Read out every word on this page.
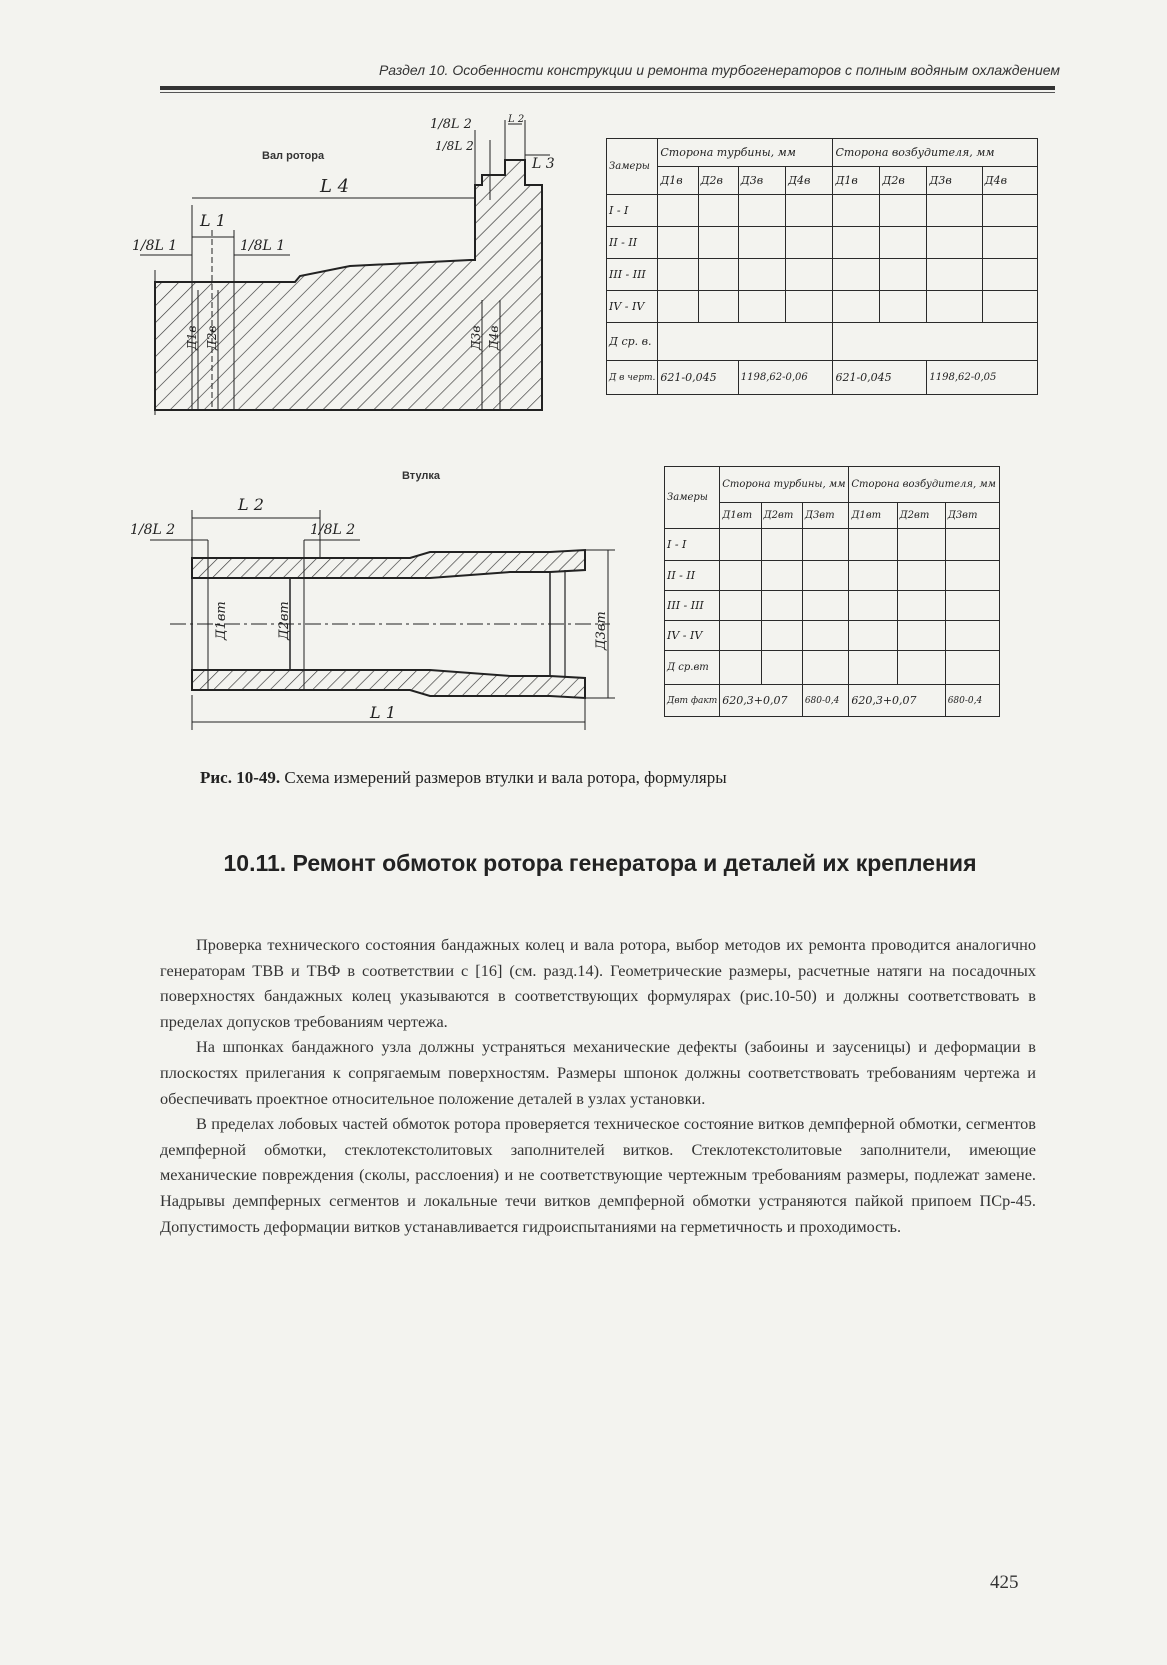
Раздел 10. Особенности конструкции и ремонта турбогенераторов с полным водяным охлаждением
Вал ротора
L 4
L 1
1/8L 1	1/8L 1
1/8L 2
1/8L 2
L 2
L 3
Д1в Д2в	Д3в Д4в
Замеры	Сторона турбины, мм				Сторона возбудителя, мм			
	Д1в	Д2в	Д3в	Д4в	Д1в	Д2в	Д3в	Д4в
I - I								
II - II								
III - III								
IV - IV								
Д ср. в.								
Д в черт.	621-0,045		1198,62-0,06		621-0,045		1198,62-0,05	
Втулка
L 2
1/8L 2	1/8L 2
L 1
Д1вт	Д2вт	Д3вт
Замеры	Сторона турбины, мм			Сторона возбудителя, мм		
	Д1вт	Д2вт	Д3вт	Д1вт	Д2вт	Д3вт
I - I						
II - II						
III - III						
IV - IV						
Д ср.вт						
Двт факт	620,3+0,07		680-0,4	620,3+0,07		680-0,4
Рис. 10-49. Схема измерений размеров втулки и вала ротора, формуляры
10.11. Ремонт обмоток ротора генератора и деталей их крепления

Проверка технического состояния бандажных колец и вала ротора, выбор методов их ремонта проводится аналогично генераторам ТВВ и ТВФ в соответствии с [16] (см. разд.14). Геометрические размеры, расчетные натяги на посадочных поверхностях бандажных колец указываются в соответствующих формулярах (рис.10-50) и должны соответствовать в пределах допусков требованиям чертежа.

На шпонках бандажного узла должны устраняться механические дефекты (забоины и заусеницы) и деформации в плоскостях прилегания к сопрягаемым поверхностям. Размеры шпонок должны соответствовать требованиям чертежа и обеспечивать проектное относительное положение деталей в узлах установки.

В пределах лобовых частей обмоток ротора проверяется техническое состояние витков демпферной обмотки, сегментов демпферной обмотки, стеклотекстолитовых заполнителей витков. Стеклотекстолитовые заполнители, имеющие механические повреждения (сколы, расслоения) и не соответствующие чертежным требованиям размеры, подлежат замене. Надрывы демпферных сегментов и локальные течи витков демпферной обмотки устраняются пайкой припоем ПСр-45. Допустимость деформации витков устанавливается гидроиспытаниями на герметичность и проходимость.

425
